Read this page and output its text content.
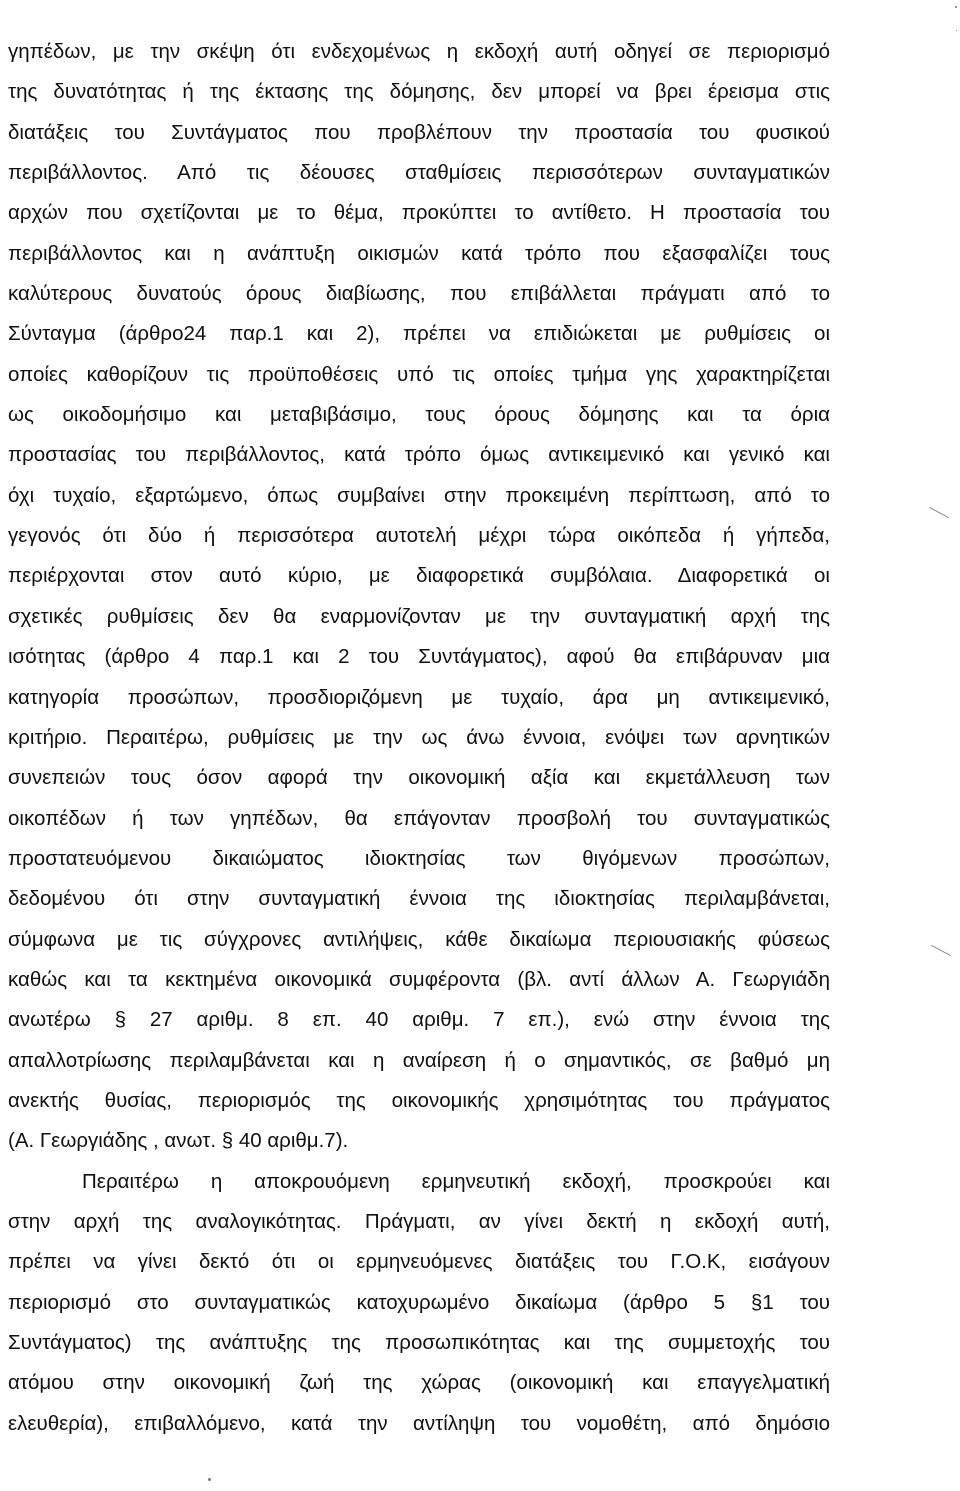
γηπέδων, με την σκέψη ότι ενδεχομένως η εκδοχή αυτή οδηγεί σε περιορισμό
της δυνατότητας ή της έκτασης της δόμησης, δεν μπορεί να βρει έρεισμα στις
διατάξεις του Συντάγματος που προβλέπουν την προστασία του φυσικού
περιβάλλοντος. Από τις δέουσες σταθμίσεις περισσότερων συνταγματικών
αρχών που σχετίζονται με το θέμα, προκύπτει το αντίθετο. Η προστασία του
περιβάλλοντος και η ανάπτυξη οικισμών κατά τρόπο που εξασφαλίζει τους
καλύτερους δυνατούς όρους διαβίωσης, που επιβάλλεται πράγματι από το
Σύνταγμα (άρθρο24 παρ.1 και 2), πρέπει να επιδιώκεται με ρυθμίσεις οι
οποίες καθορίζουν τις προϋποθέσεις υπό τις οποίες τμήμα γης χαρακτηρίζεται
ως οικοδομήσιμο και μεταβιβάσιμο, τους όρους δόμησης και τα όρια
προστασίας του περιβάλλοντος, κατά τρόπο όμως αντικειμενικό και γενικό και
όχι τυχαίο, εξαρτώμενο, όπως συμβαίνει στην προκειμένη περίπτωση, από το
γεγονός ότι δύο ή περισσότερα αυτοτελή μέχρι τώρα οικόπεδα ή γήπεδα,
περιέρχονται στον αυτό κύριο, με διαφορετικά συμβόλαια. Διαφορετικά οι
σχετικές ρυθμίσεις δεν θα εναρμονίζονταν με την συνταγματική αρχή της
ισότητας (άρθρο 4 παρ.1 και 2 του Συντάγματος), αφού θα επιβάρυναν μια
κατηγορία προσώπων, προσδιοριζόμενη με τυχαίο, άρα μη αντικειμενικό,
κριτήριο. Περαιτέρω, ρυθμίσεις με την ως άνω έννοια, ενόψει των αρνητικών
συνεπειών τους όσον αφορά την οικονομική αξία και εκμετάλλευση των
οικοπέδων ή των γηπέδων, θα επάγονταν προσβολή του συνταγματικώς
προστατευόμενου δικαιώματος ιδιοκτησίας των θιγόμενων προσώπων,
δεδομένου ότι στην συνταγματική έννοια της ιδιοκτησίας περιλαμβάνεται,
σύμφωνα με τις σύγχρονες αντιλήψεις, κάθε δικαίωμα περιουσιακής φύσεως
καθώς και τα κεκτημένα οικονομικά συμφέροντα (βλ. αντί άλλων Α. Γεωργιάδη
ανωτέρω § 27 αριθμ. 8 επ. 40 αριθμ. 7 επ.), ενώ στην έννοια της
απαλλοτρίωσης περιλαμβάνεται και η αναίρεση ή ο σημαντικός, σε βαθμό μη
ανεκτής θυσίας, περιορισμός της οικονομικής χρησιμότητας του πράγματος
(Α. Γεωργιάδης , ανωτ. § 40 αριθμ.7).
Περαιτέρω η αποκρουόμενη ερμηνευτική εκδοχή, προσκρούει και
στην αρχή της αναλογικότητας. Πράγματι, αν γίνει δεκτή η εκδοχή αυτή,
πρέπει να γίνει δεκτό ότι οι ερμηνευόμενες διατάξεις του Γ.Ο.Κ, εισάγουν
περιορισμό στο συνταγματικώς κατοχυρωμένο δικαίωμα (άρθρο 5 §1 του
Συντάγματος) της ανάπτυξης της προσωπικότητας και της συμμετοχής του
ατόμου στην οικονομική ζωή της χώρας (οικονομική και επαγγελματική
ελευθερία), επιβαλλόμενο, κατά την αντίληψη του νομοθέτη, από δημόσιο
